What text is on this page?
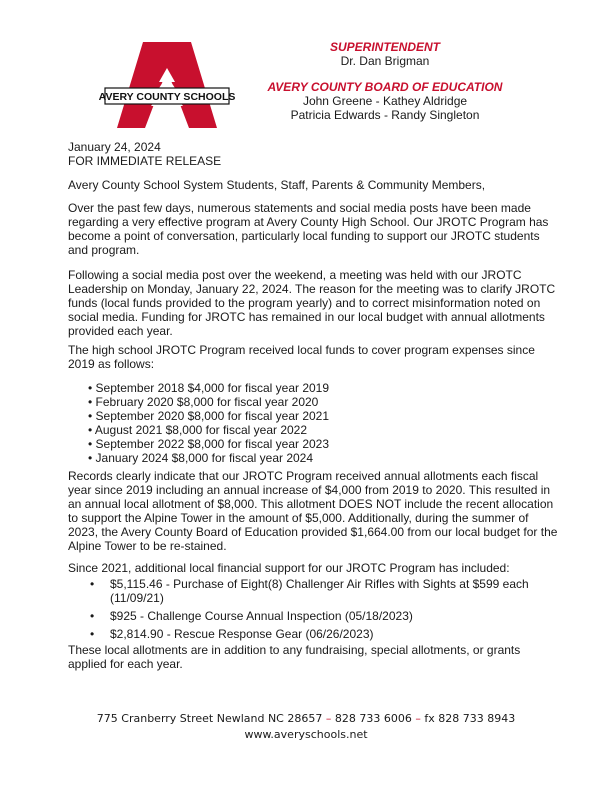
AVERY COUNTY SCHOOLS
SUPERINTENDENT
Dr. Dan Brigman
AVERY COUNTY BOARD OF EDUCATION
John Greene - Kathey Aldridge
Patricia Edwards - Randy Singleton

January 24, 2024

FOR IMMEDIATE RELEASE

Avery County School System Students, Staff, Parents & Community Members,

Over the past few days, numerous statements and social media posts have been made regarding a very effective program at Avery County High School. Our JROTC Program has become a point of conversation, particularly local funding to support our JROTC students and program.

Following a social media post over the weekend, a meeting was held with our JROTC Leadership on Monday, January 22, 2024. The reason for the meeting was to clarify JROTC funds (local funds provided to the program yearly) and to correct misinformation noted on social media. Funding for JROTC has remained in our local budget with annual allotments provided each year.

The high school JROTC Program received local funds to cover program expenses since 2019 as follows:

• September 2018 $4,000 for fiscal year 2019
• February 2020 $8,000 for fiscal year 2020
• September 2020 $8,000 for fiscal year 2021
• August 2021 $8,000 for fiscal year 2022
• September 2022 $8,000 for fiscal year 2023
• January 2024 $8,000 for fiscal year 2024

Records clearly indicate that our JROTC Program received annual allotments each fiscal year since 2019 including an annual increase of $4,000 from 2019 to 2020. This resulted in an annual local allotment of $8,000. This allotment DOES NOT include the recent allocation to support the Alpine Tower in the amount of $5,000. Additionally, during the summer of 2023, the Avery County Board of Education provided $1,664.00 from our local budget for the Alpine Tower to be re-stained.

Since 2021, additional local financial support for our JROTC Program has included:

• $5,115.46 - Purchase of Eight(8) Challenger Air Rifles with Sights at $599 each (11/09/21)
• $925 - Challenge Course Annual Inspection (05/18/2023)
• $2,814.90 - Rescue Response Gear (06/26/2023)

These local allotments are in addition to any fundraising, special allotments, or grants applied for each year.

775 Cranberry Street Newland NC 28657 – 828 733 6006 – fx 828 733 8943
www.averyschools.net
